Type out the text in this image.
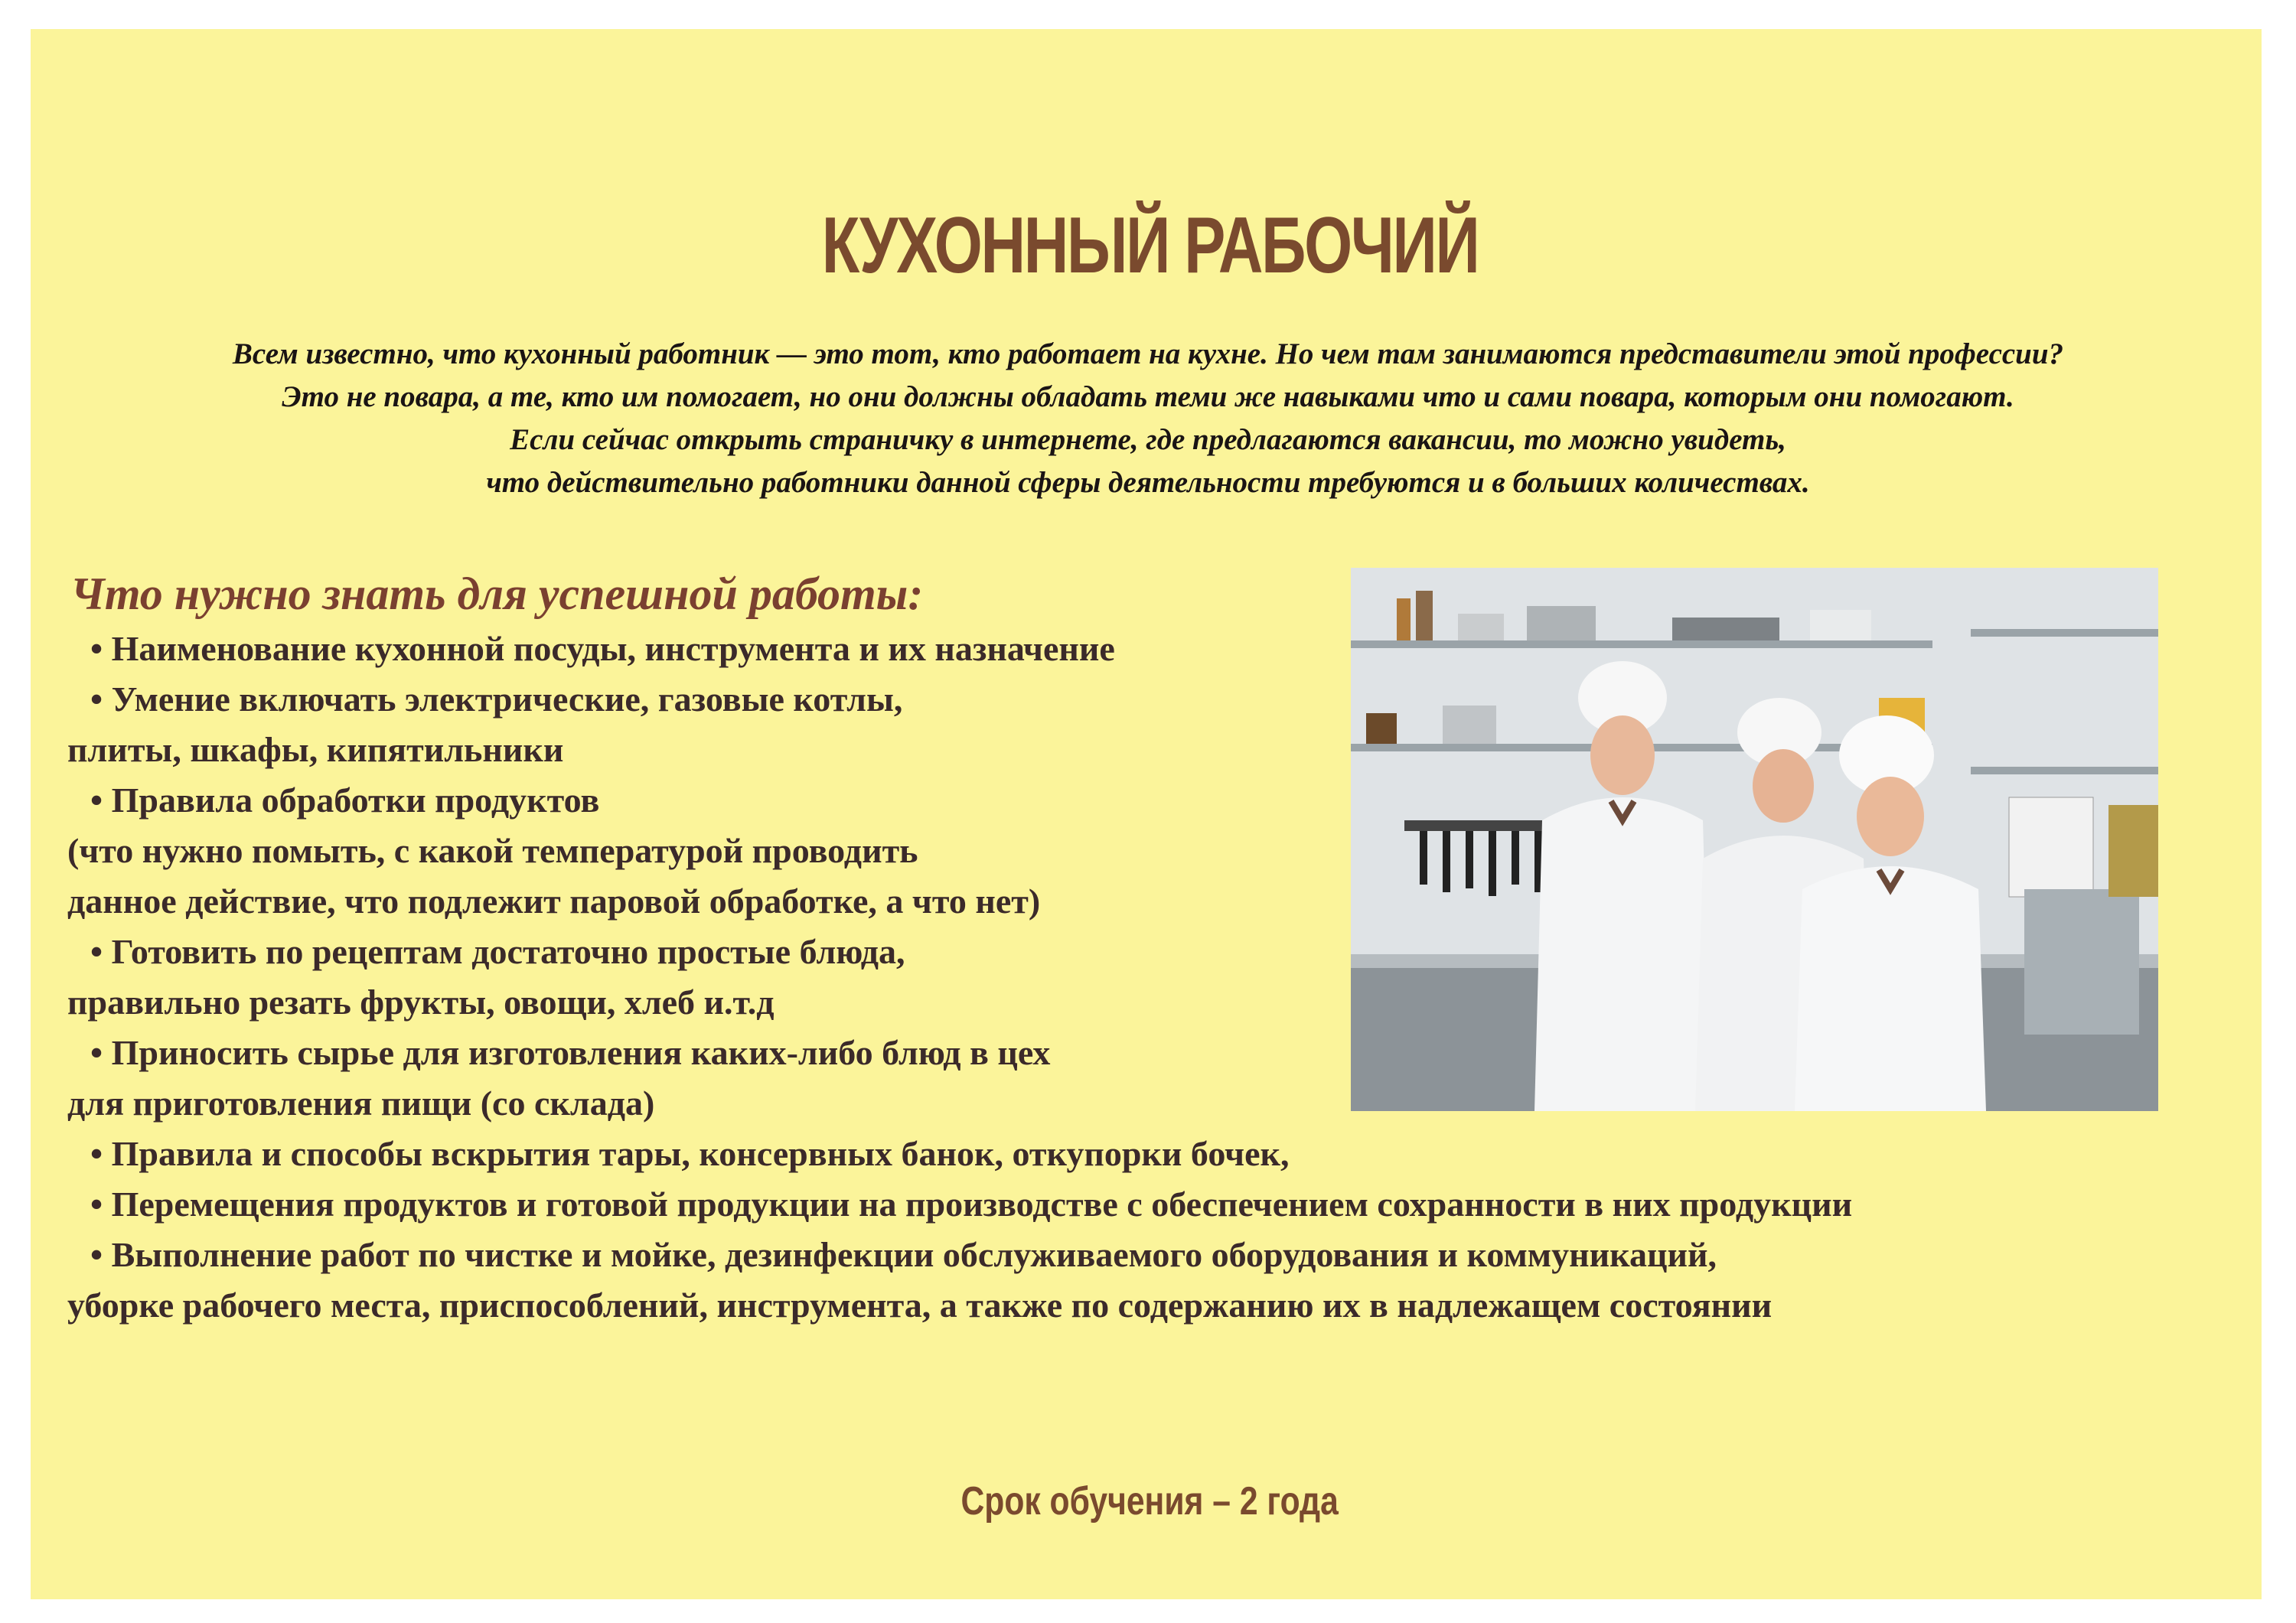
КУХОННЫЙ РАБОЧИЙ

Всем известно, что кухонный работник — это тот, кто работает на кухне. Но чем там занимаются представители этой профессии?
Это не повара, а те, кто им помогает, но они должны обладать теми же навыками что и сами повара, которым они помогают.
Если сейчас открыть страничку в интернете, где предлагаются вакансии, то можно увидеть,
что действительно работники данной сферы деятельности требуются и в больших количествах.

Что нужно знать для успешной работы:
• Наименование кухонной посуды, инструмента и их назначение
• Умение включать электрические, газовые котлы,
плиты, шкафы, кипятильники
• Правила обработки продуктов
(что нужно помыть, с какой температурой проводить
данное действие, что подлежит паровой обработке, а что нет)
• Готовить по рецептам достаточно простые блюда,
правильно резать фрукты, овощи, хлеб и.т.д
• Приносить сырье для изготовления каких-либо блюд в цех
для приготовления пищи (со склада)
• Правила и способы вскрытия тары, консервных банок, откупорки бочек,
• Перемещения продуктов и готовой продукции на производстве с обеспечением сохранности в них продукции
• Выполнение работ по чистке и мойке, дезинфекции обслуживаемого оборудования и коммуникаций,
уборке рабочего места, приспособлений, инструмента, а также по содержанию их в надлежащем состоянии

Срок обучения – 2 года
